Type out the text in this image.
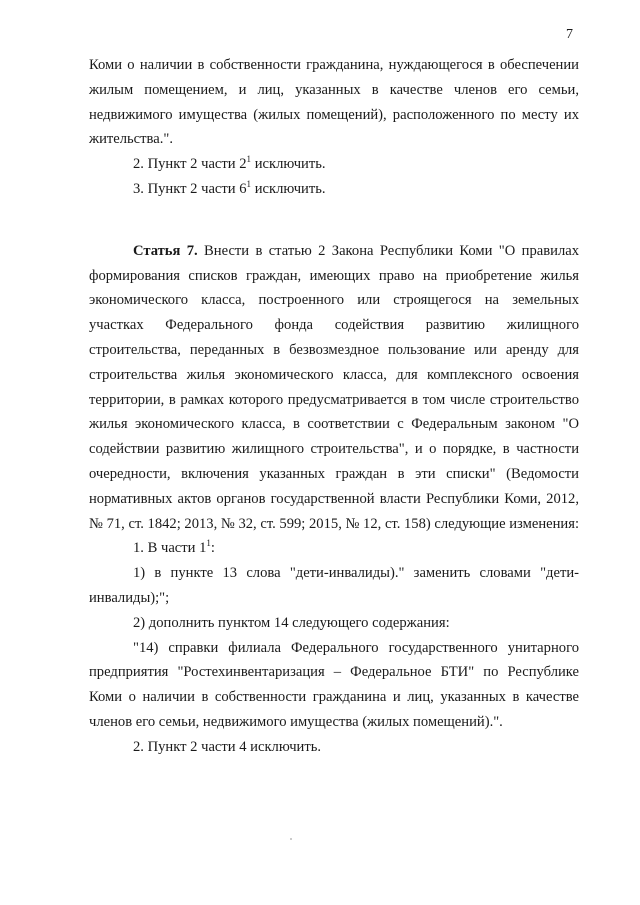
7

Коми о наличии в собственности гражданина, нуждающегося в обеспечении жилым помещением, и лиц, указанных в качестве членов его семьи, недвижимого имущества (жилых помещений), расположенного по месту их жительства.".

2. Пункт 2 части $2^1$ исключить.

3. Пункт 2 части $6^1$ исключить.

Статья 7. Внести в статью 2 Закона Республики Коми "О правилах формирования списков граждан, имеющих право на приобретение жилья экономического класса, построенного или строящегося на земельных участках Федерального фонда содействия развитию жилищного строительства, переданных в безвозмездное пользование или аренду для строительства жилья экономического класса, для комплексного освоения территории, в рамках которого предусматривается в том числе строительство жилья экономического класса, в соответствии с Федеральным законом "О содействии развитию жилищного строительства", и о порядке, в частности очередности, включения указанных граждан в эти списки" (Ведомости нормативных актов органов государственной власти Республики Коми, 2012, № 71, ст. 1842; 2013, № 32, ст. 599; 2015, № 12, ст. 158) следующие изменения:

1. В части $1^1$:

1) в пункте 13 слова "дети-инвалиды)." заменить словами "дети-инвалиды);";

2) дополнить пунктом 14 следующего содержания:

"14) справки филиала Федерального государственного унитарного предприятия "Ростехинвентаризация – Федеральное БТИ" по Республике Коми о наличии в собственности гражданина и лиц, указанных в качестве членов его семьи, недвижимого имущества (жилых помещений).".

2. Пункт 2 части 4 исключить.
